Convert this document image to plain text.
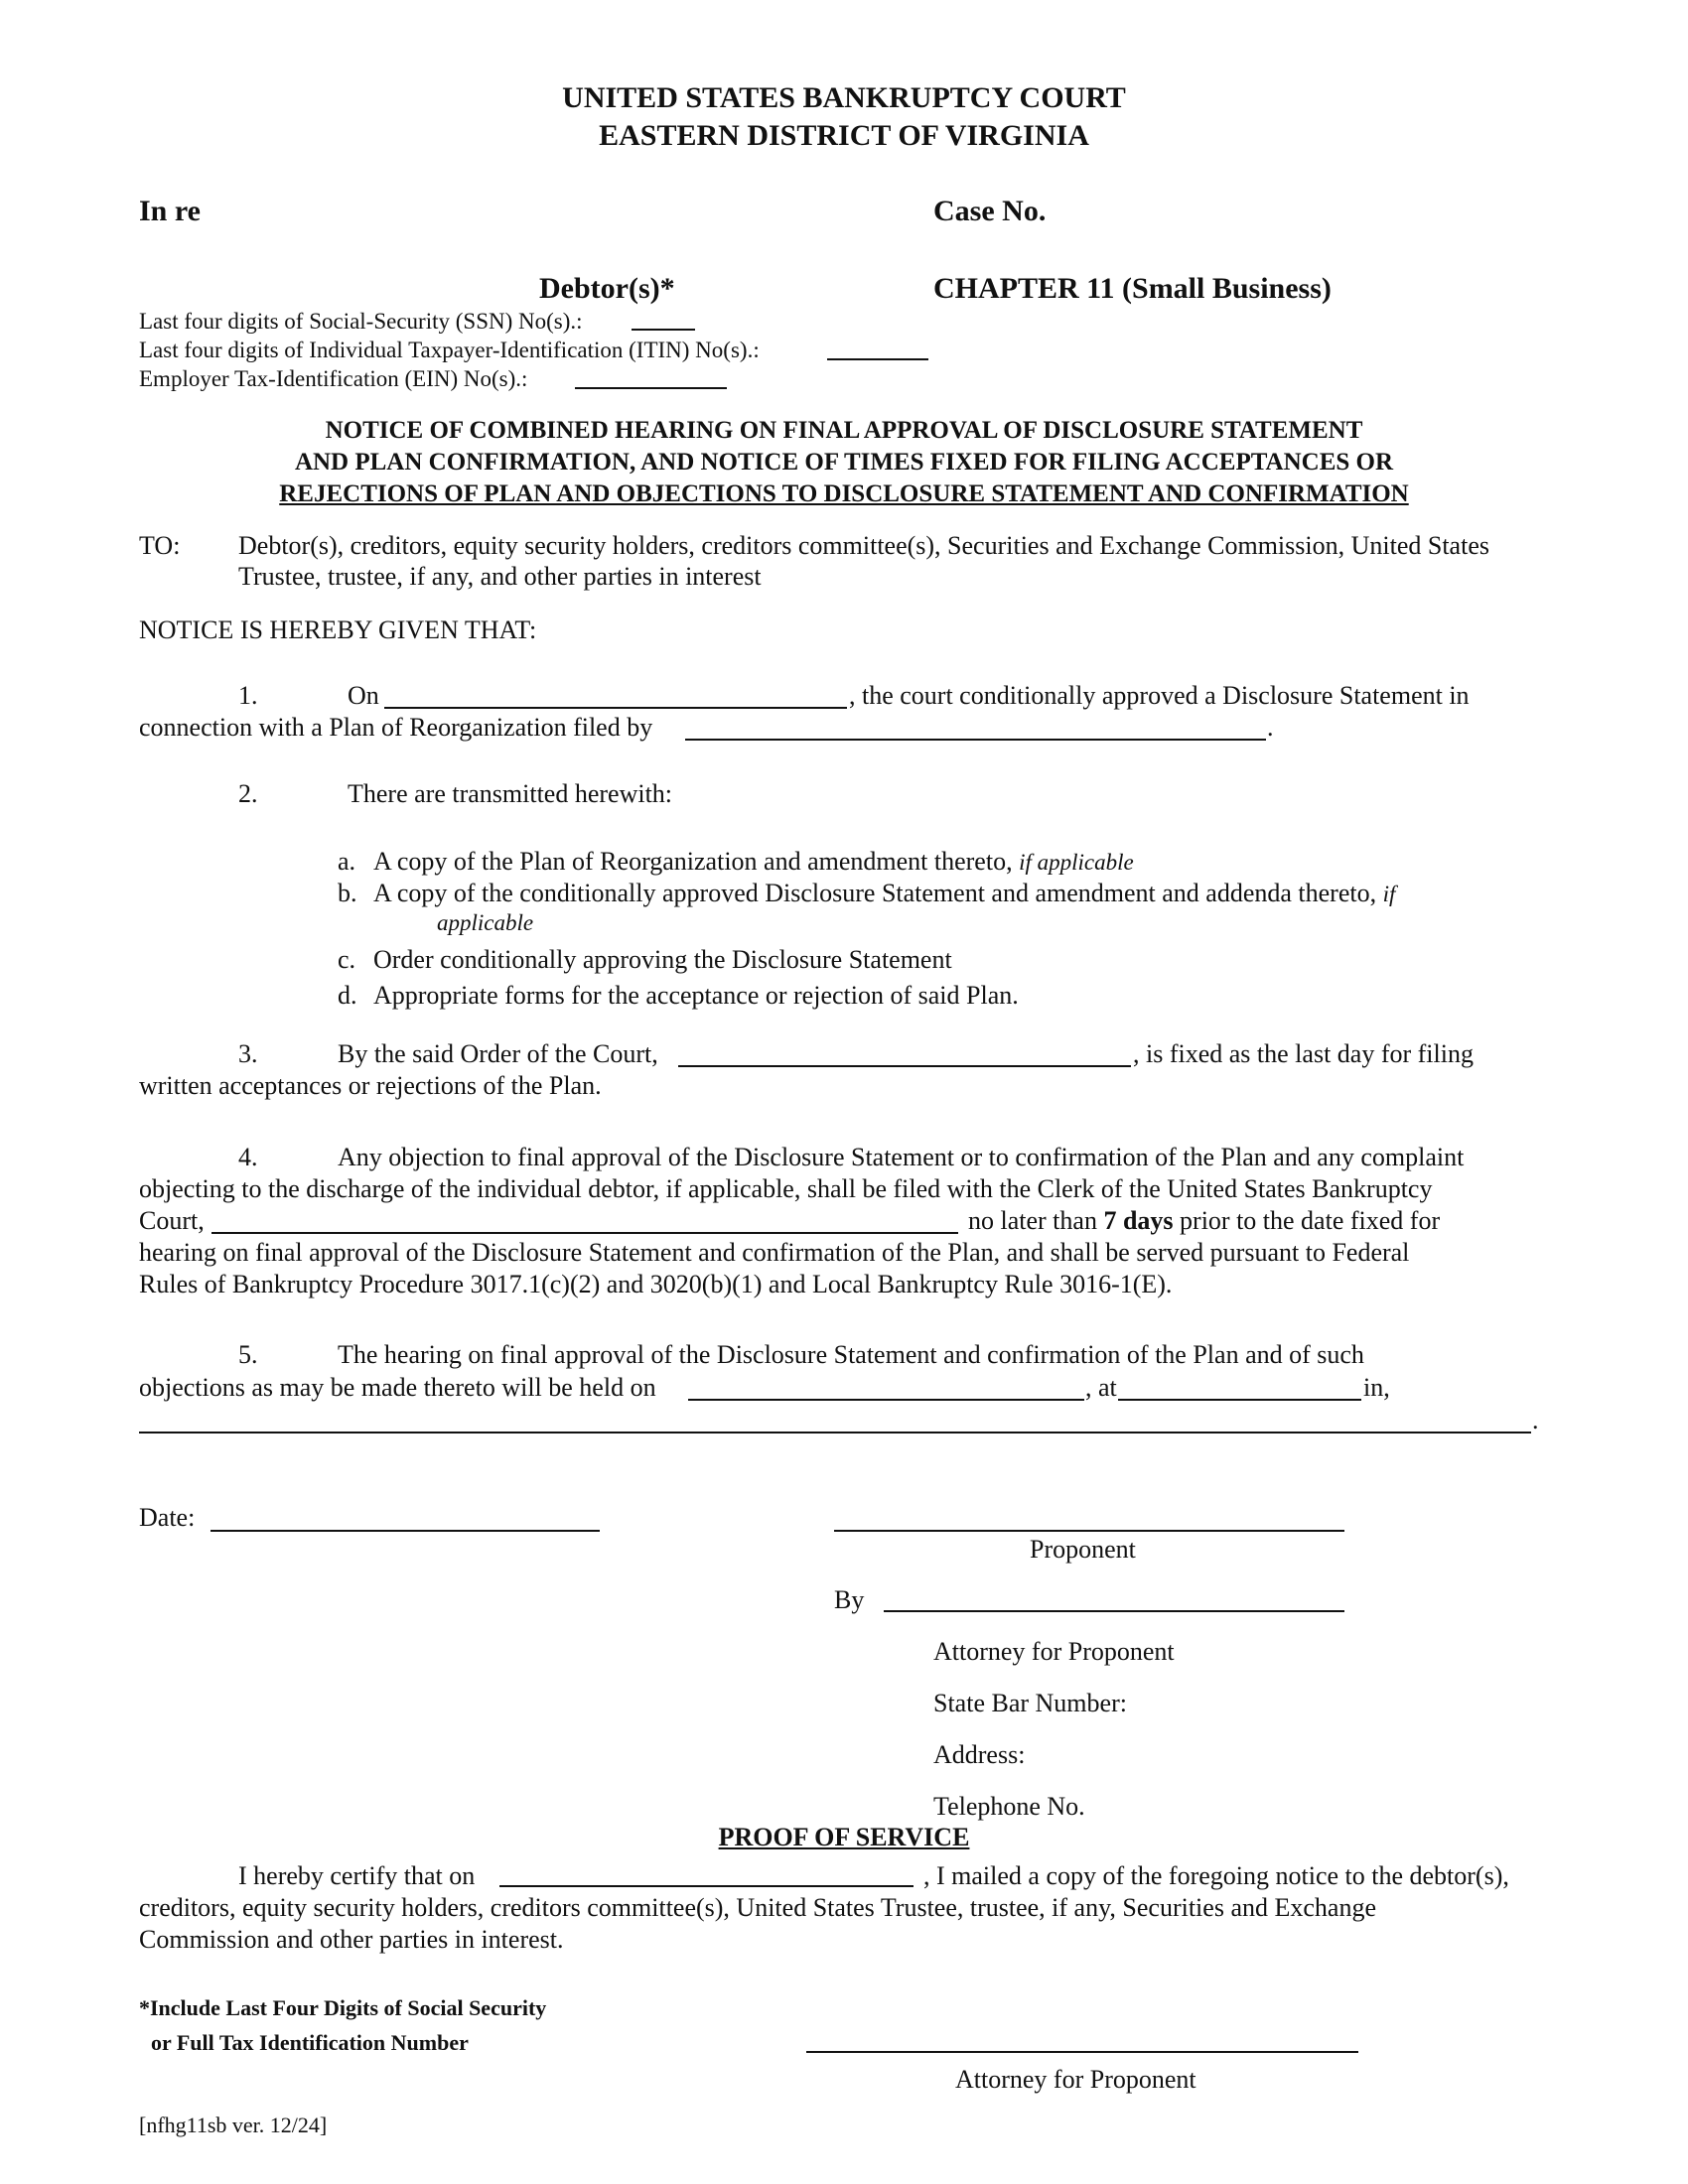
UNITED STATES BANKRUPTCY COURT
EASTERN DISTRICT OF VIRGINIA
In re	Case No.
Debtor(s)*	CHAPTER 11 (Small Business)
Last four digits of Social-Security (SSN) No(s).:
Last four digits of Individual Taxpayer-Identification (ITIN) No(s).:
Employer Tax-Identification (EIN) No(s).:
NOTICE OF COMBINED HEARING ON FINAL APPROVAL OF DISCLOSURE STATEMENT
AND PLAN CONFIRMATION, AND NOTICE OF TIMES FIXED FOR FILING ACCEPTANCES OR
REJECTIONS OF PLAN AND OBJECTIONS TO DISCLOSURE STATEMENT AND CONFIRMATION
TO: Debtor(s), creditors, equity security holders, creditors committee(s), Securities and Exchange Commission, United States
Trustee, trustee, if any, and other parties in interest
NOTICE IS HEREBY GIVEN THAT:
1.	On	, the court conditionally approved a Disclosure Statement in
connection with a Plan of Reorganization filed by	.
2.	There are transmitted herewith:
a. A copy of the Plan of Reorganization and amendment thereto, if applicable
b. A copy of the conditionally approved Disclosure Statement and amendment and addenda thereto, if
applicable
c. Order conditionally approving the Disclosure Statement
d. Appropriate forms for the acceptance or rejection of said Plan.
3.	By the said Order of the Court,	, is fixed as the last day for filing
written acceptances or rejections of the Plan.
4.	Any objection to final approval of the Disclosure Statement or to confirmation of the Plan and any complaint
objecting to the discharge of the individual debtor, if applicable, shall be filed with the Clerk of the United States Bankruptcy
Court,	no later than 7 days prior to the date fixed for
hearing on final approval of the Disclosure Statement and confirmation of the Plan, and shall be served pursuant to Federal
Rules of Bankruptcy Procedure 3017.1(c)(2) and 3020(b)(1) and Local Bankruptcy Rule 3016-1(E).
5.	The hearing on final approval of the Disclosure Statement and confirmation of the Plan and of such
objections as may be made thereto will be held on	, at	in,
.
Date:
Proponent
By
Attorney for Proponent
State Bar Number:
Address:
Telephone No.
PROOF OF SERVICE
I hereby certify that on	, I mailed a copy of the foregoing notice to the debtor(s),
creditors, equity security holders, creditors committee(s), United States Trustee, trustee, if any, Securities and Exchange
Commission and other parties in interest.
*Include Last Four Digits of Social Security
or Full Tax Identification Number
Attorney for Proponent
[nfhg11sb ver. 12/24]
